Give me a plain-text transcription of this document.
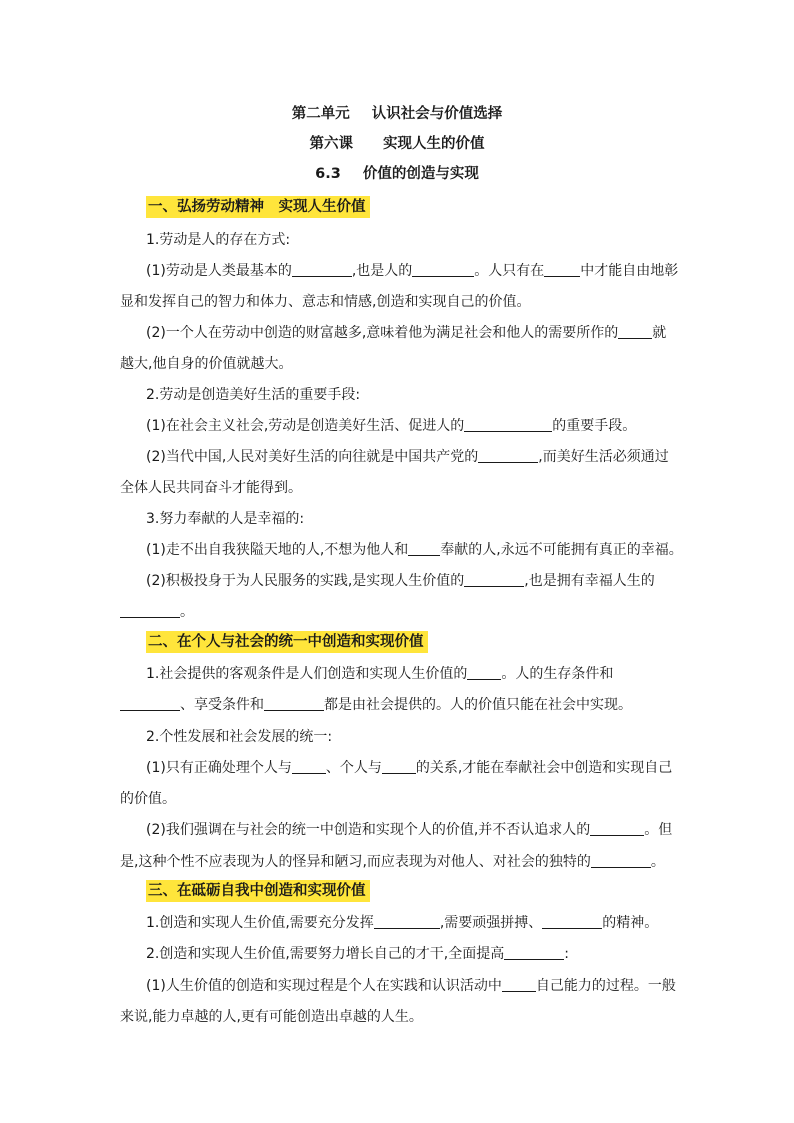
第二单元 认识社会与价值选择
第六课 实现人生的价值
6.3 价值的创造与实现
一、弘扬劳动精神　实现人生价值
1.劳动是人的存在方式:
(1)劳动是人类最基本的	,也是人的	。人只有在	中才能自由地彰
显和发挥自己的智力和体力、意志和情感,创造和实现自己的价值。
(2)一个人在劳动中创造的财富越多,意味着他为满足社会和他人的需要所作的 就
越大,他自身的价值就越大。
2.劳动是创造美好生活的重要手段:
(1)在社会主义社会,劳动是创造美好生活、促进人的	的重要手段。
(2)当代中国,人民对美好生活的向往就是中国共产党的	,而美好生活必须通过
全体人民共同奋斗才能得到。
3.努力奉献的人是幸福的:
(1)走不出自我狭隘天地的人,不想为他人和 奉献的人,永远不可能拥有真正的幸福。
(2)积极投身于为人民服务的实践,是实现人生价值的	,也是拥有幸福人生的
。
二、在个人与社会的统一中创造和实现价值
1.社会提供的客观条件是人们创造和实现人生价值的 。人的生存条件和
、享受条件和	都是由社会提供的。人的价值只能在社会中实现。
2.个性发展和社会发展的统一:
(1)只有正确处理个人与 、个人与 的关系,才能在奉献社会中创造和实现自己
的价值。
(2)我们强调在与社会的统一中创造和实现个人的价值,并不否认追求人的	。但
是,这种个性不应表现为人的怪异和陋习,而应表现为对他人、对社会的独特的	。
三、在砥砺自我中创造和实现价值
1.创造和实现人生价值,需要充分发挥	,需要顽强拼搏、	的精神。
2.创造和实现人生价值,需要努力增长自己的才干,全面提高	:
(1)人生价值的创造和实现过程是个人在实践和认识活动中 自己能力的过程。一般
来说,能力卓越的人,更有可能创造出卓越的人生。
